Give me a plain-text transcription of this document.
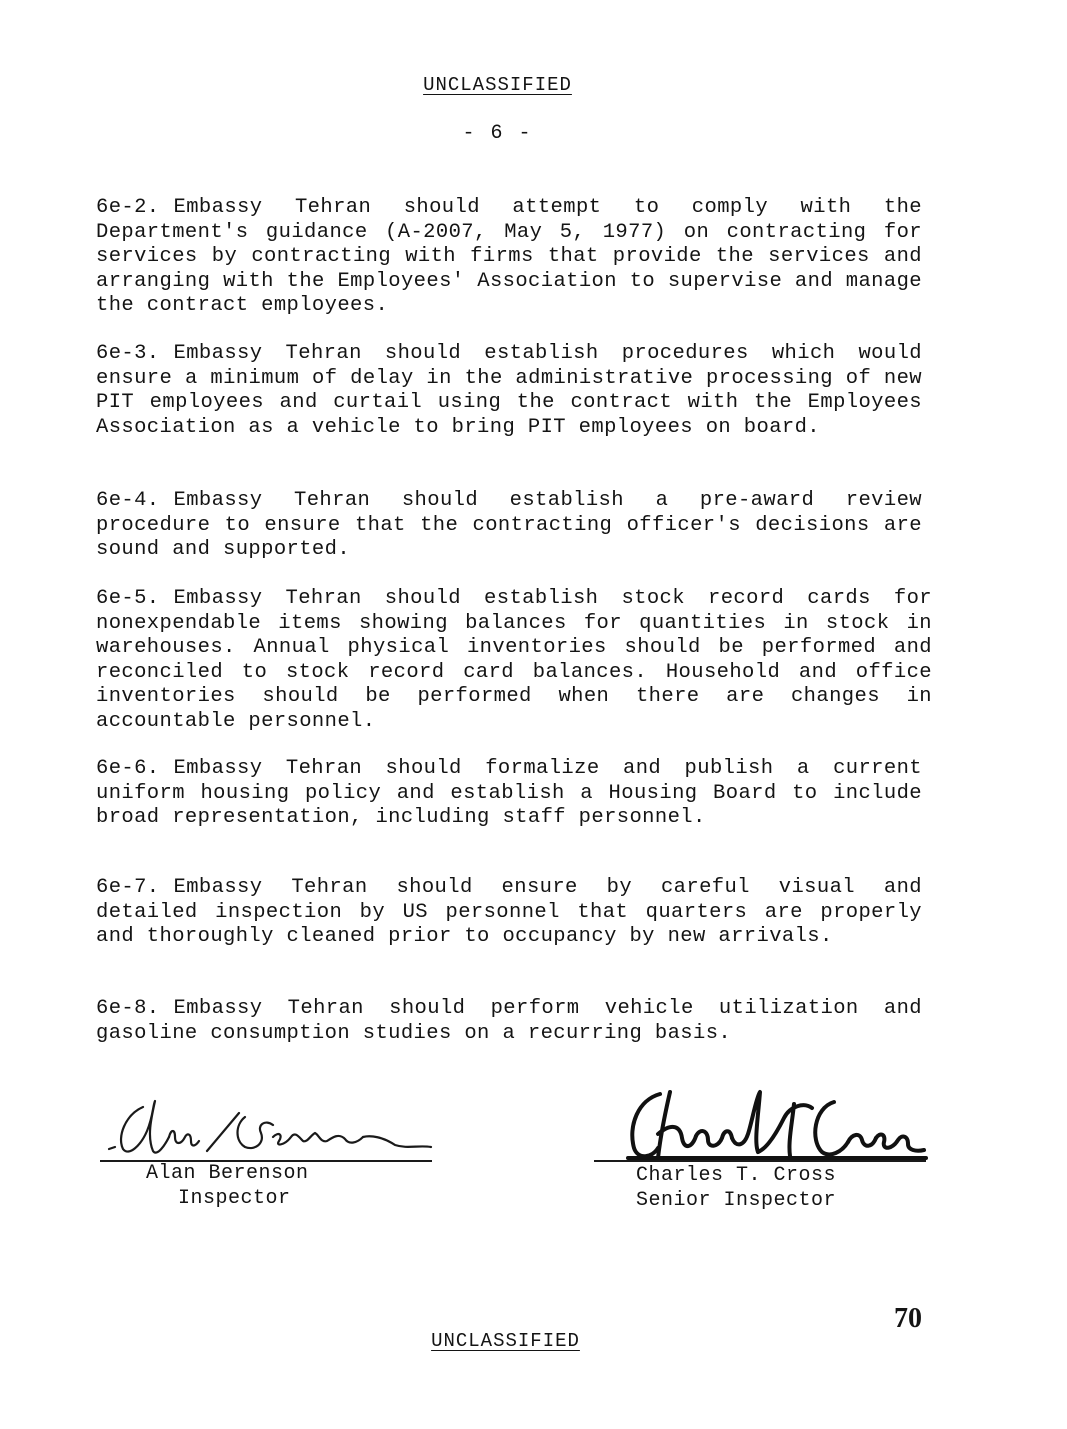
UNCLASSIFIED
- 6 -

6e-2. Embassy Tehran should attempt to comply with the Department's guidance (A-2007, May 5, 1977) on contracting for services by contracting with firms that provide the services and arranging with the Employees' Association to supervise and manage the contract employees.

6e-3. Embassy Tehran should establish procedures which would ensure a minimum of delay in the administrative processing of new PIT employees and curtail using the contract with the Employees Association as a vehicle to bring PIT employees on board.

6e-4. Embassy Tehran should establish a pre-award review procedure to ensure that the contracting officer's decisions are sound and supported.

6e-5. Embassy Tehran should establish stock record cards for nonexpendable items showing balances for quantities in stock in warehouses. Annual physical inventories should be performed and reconciled to stock record card balances. Household and office inventories should be performed when there are changes in accountable personnel.

6e-6. Embassy Tehran should formalize and publish a current uniform housing policy and establish a Housing Board to include broad representation, including staff personnel.

6e-7. Embassy Tehran should ensure by careful visual and detailed inspection by US personnel that quarters are properly and thoroughly cleaned prior to occupancy by new arrivals.

6e-8. Embassy Tehran should perform vehicle utilization and gasoline consumption studies on a recurring basis.

Alan Berenson
Inspector
Charles T. Cross
Senior Inspector
70
UNCLASSIFIED
